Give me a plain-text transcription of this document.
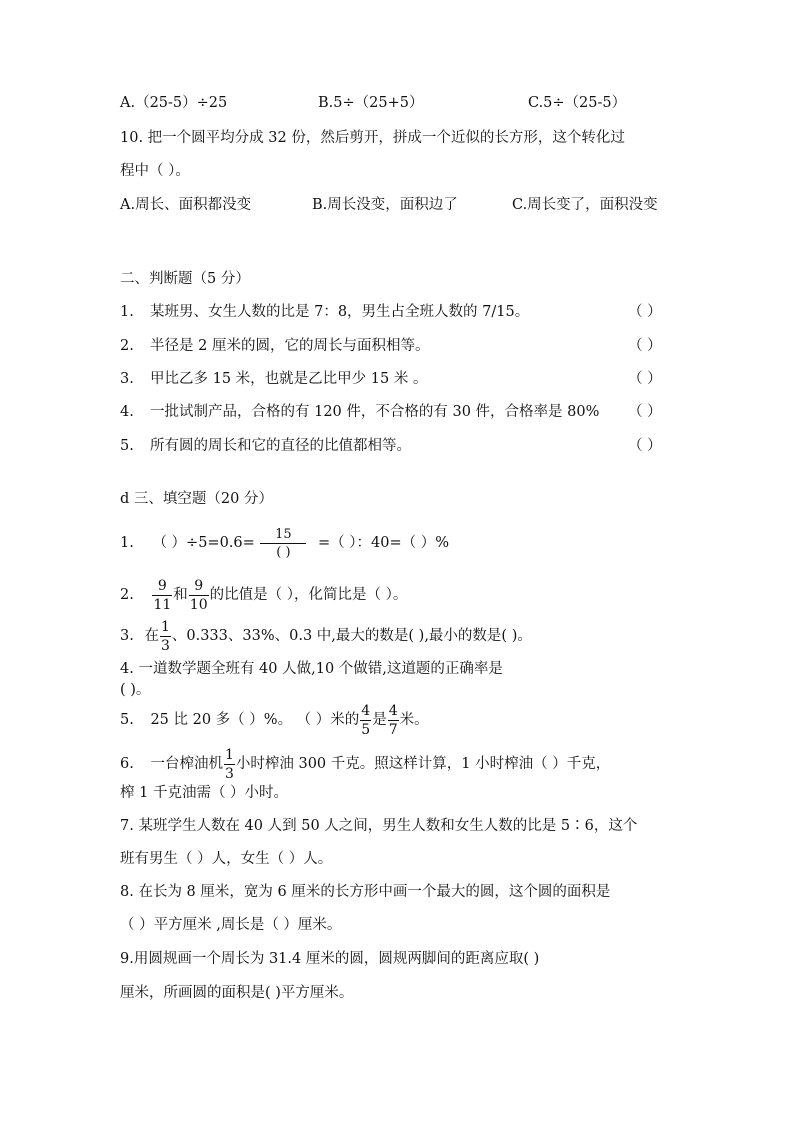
A.（25-5）÷25	B.5÷（25+5）	C.5÷（25-5）
10. 把一个圆平均分成 32 份，然后剪开，拼成一个近似的长方形，这个转化过
程中（ ）。
A.周长、面积都没变	B.周长没变，面积边了	C.周长变了，面积没变
二、判断题（5 分）
1. 某班男、女生人数的比是 7：8，男生占全班人数的 7/15。	（ ）
2. 半径是 2 厘米的圆，它的周长与面积相等。	（ ）
3. 甲比乙多 15 米，也就是乙比甲少 15 米 。	（ ）
4. 一批试制产品，合格的有 120 件，不合格的有 30 件，合格率是 80% （ ）
5. 所有圆的周长和它的直径的比值都相等。	（ ）
d 三、填空题（20 分）
1. （ ）$\div 5=0.6= \frac{15}{( )}$ =（ ）：40=（ ）%
2. $\frac{9}{11}$ 和 $\frac{9}{10}$ 的比值是（ ），化简比是（ ）。
3. 在 $\frac{1}{3}$ 、0.333、33%、0.3 中,最大的数是( ),最小的数是( )。
4. 一道数学题全班有 40 人做,10 个做错,这道题的正确率是
( )。
5. 25 比 20 多（ ）%。 （ ）米的 $\frac{4}{5}$ 是 $\frac{4}{7}$ 米。
6. 一台榨油机 $\frac{1}{3}$ 小时榨油 300 千克。照这样计算，1 小时榨油（ ）千克，
榨 1 千克油需（ ）小时。
7. 某班学生人数在 40 人到 50 人之间，男生人数和女生人数的比是 5∶6，这个
班有男生（ ）人，女生（ ）人。
8. 在长为 8 厘米，宽为 6 厘米的长方形中画一个最大的圆，这个圆的面积是
（ ）平方厘米 ,周长是（ ）厘米。
9.用圆规画一个周长为 31.4 厘米的圆，圆规两脚间的距离应取( )
厘米，所画圆的面积是( )平方厘米。
